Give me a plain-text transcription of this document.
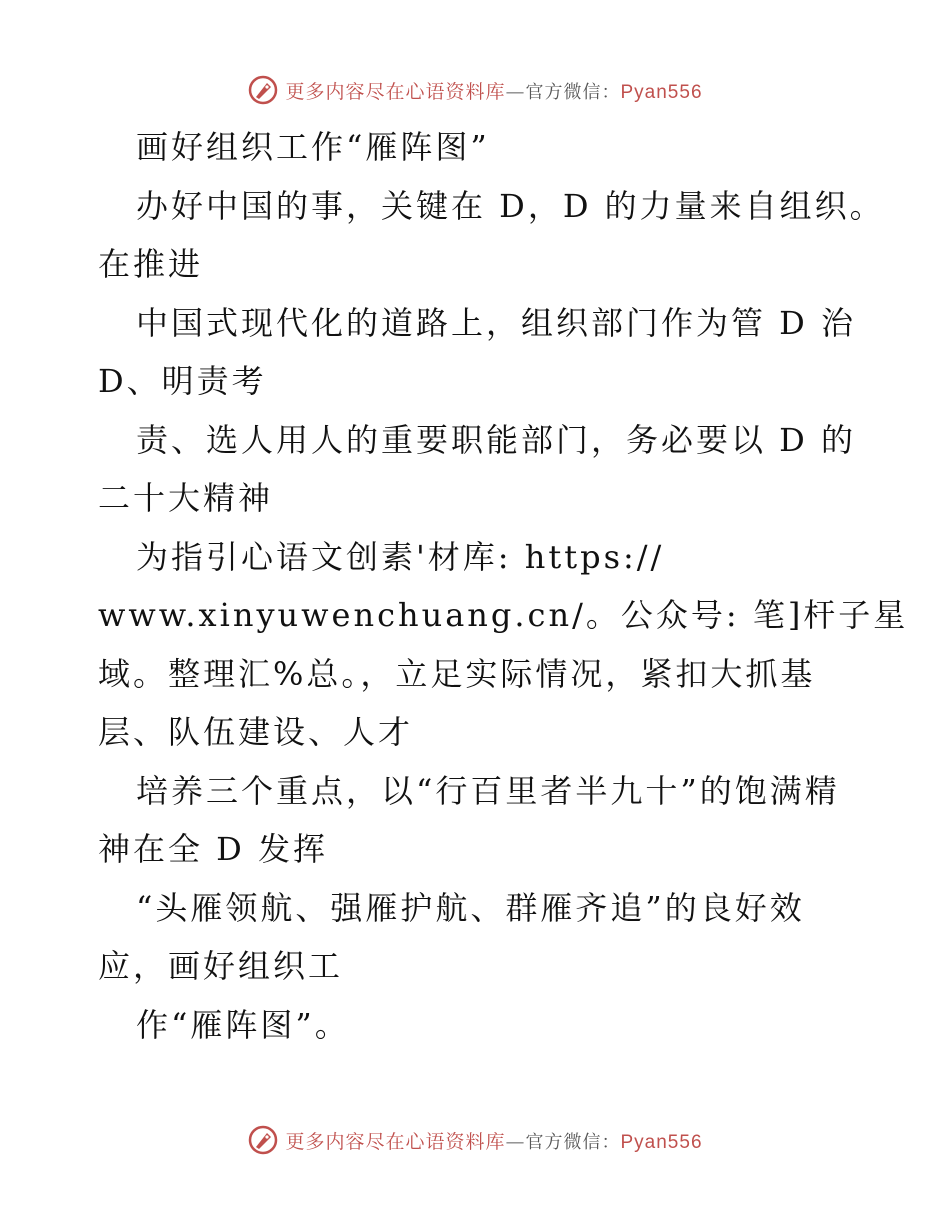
更多内容尽在心语资料库—官方微信：Pyan556
画好组织工作“雁阵图”
办好中国的事，关键在 D，D 的力量来自组织。
在推进
中国式现代化的道路上，组织部门作为管 D 治
D、明责考
责、选人用人的重要职能部门，务必要以 D 的
二十大精神
为指引心语文创素'材库: https://
www.xinyuwenchuang.cn/。公众号: 笔]杆子星
域。整理汇%总。，立足实际情况，紧扣大抓基
层、队伍建设、人才
培养三个重点，以“行百里者半九十”的饱满精
神在全 D 发挥
“头雁领航、强雁护航、群雁齐追”的良好效
应，画好组织工
作“雁阵图”。
更多内容尽在心语资料库—官方微信：Pyan556
